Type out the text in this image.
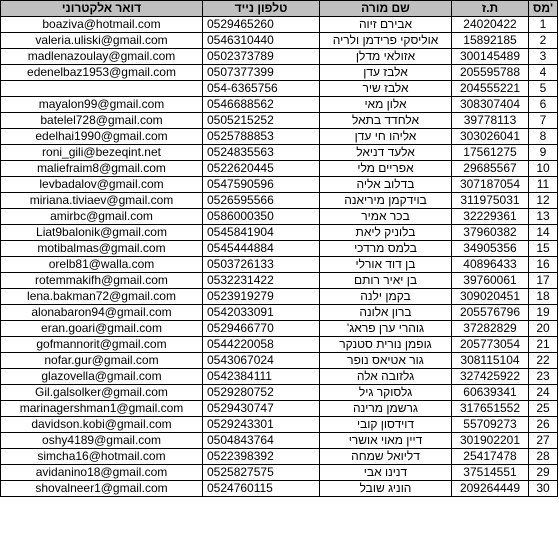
דואר אלקטרוני	טלפון נייד	שם מורה	ת.ז	מס'
boaziva@hotmail.com	0529465260	אבירם זיוה	24020422	1
valeria.uliski@gmail.com	0546310440	אוליסקי פרידמן ולריה	15892185	2
madlenazoulay@gmail.com	0502373789	אזולאי מדלן	300145489	3
edenelbaz1953@gmail.com	0507377399	אלבז עדן	205595788	4
	054-6365756	אלבז שיר	204555221	5
mayalon99@gmail.com	0546688562	אלון מאי	308307404	6
batelel728@gmail.com	0505215252	אלחדד בתאל	39778113	7
edelhai1990@gmail.com	0525788853	אליהו חי עדן	303026041	8
roni_gili@bezeqint.net	0524835563	אלעד דניאל	17561275	9
maliefraim8@gmail.com	0522620445	אפריים מלי	29685567	10
levbadalov@gmail.com	0547590596	בדלוב אליה	307187054	11
miriana.tiviaev@gmail.com	0526595566	בוידקמן מיריאנה	311975031	12
amirbc@gmail.com	0586000350	בכר אמיר	32229361	13
Liat9balonik@gmail.com	0545841904	בלוניק ליאת	37960382	14
motibalmas@gmail.com	0545444884	בלמס מרדכי	34905356	15
orelb81@walla.com	0503726133	בן דוד אורלי	40896433	16
rotemmakifh@gmail.com	0532231422	בן יאיר רותם	39760061	17
lena.bakman72@gmail.com	0523919279	בקמן ילנה	309020451	18
alonabaron94@gmail.com	0542033091	ברון אלונה	205576796	19
eran.goari@gmail.com	0529466770	גוהרי ערן פראג'	37282829	20
gofmannorit@gmail.com	0544220058	גופמן נורית סטנקר	205773054	21
nofar.gur@gmail.com	0543067024	גור אטיאס נופר	308115104	22
glazovella@gmail.com	0542384111	גלזובה אלה	327425922	23
Gil.galsolker@gmail.com	0529280752	גלסוקר גיל	60639341	24
marinagershman1@gmail.com	0529430747	גרשמן מרינה	317651552	25
davidson.kobi@gmail.com	0529243301	דוידסון קובי	55709273	26
oshy4189@gmail.com	0504843764	דיין מאוי אושרי	301902201	27
simcha16@hotmail.com	0522398392	דליואל שמחה	25417478	28
avidanino18@gmail.com	0525827575	דנינו אבי	37514551	29
shovalneer1@gmail.com	0524760115	הוניג שובל	209264449	30
